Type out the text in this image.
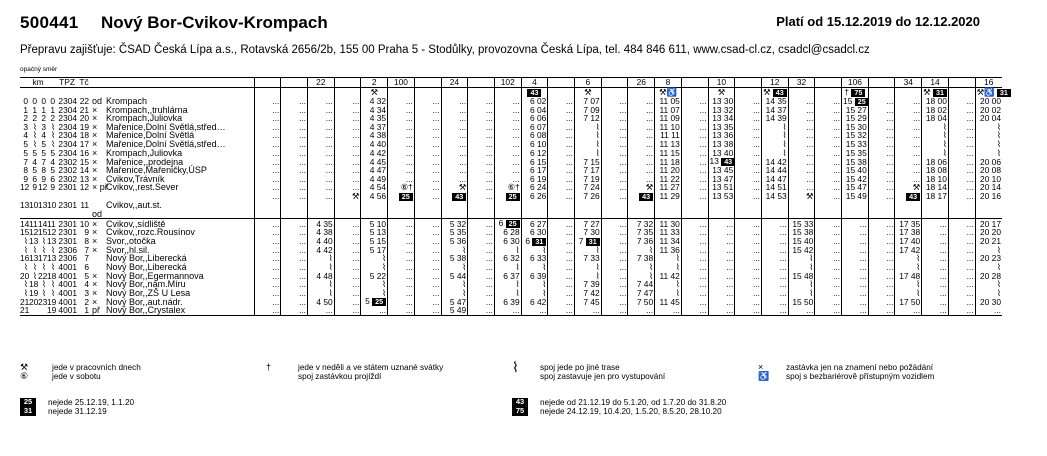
500441 Nový Bor-Cvikov-Krompach	Platí od 15.12.2019 do 12.12.2020
Přepravu zajišťuje: ČSAD Česká Lípa a.s., Rotavská 2656/2b, 155 00 Praha 5 - Stodůlky, provozovna Česká Lípa, tel. 484 846 611, www.csad-cl.cz, csadcl@csadcl.cz
opačný směr
km				TPZ	Tč					22		2	100		24		102	4		6		26	8		10		12	32		106		34	14		16
												⚒						43		⚒			⚒♿		⚒		⚒ 43			† 75			⚒ 31		⚒♿ 31
0	0	0	0	2304	22	od	Krompach	...	...	...	...	4 32	...	...	...	...	...	6 02	...	7 07	...	...	11 05	...	13 30	...	14 35	...	...	15 25	...	...	18 00	...	20 00
1	1	1	1	2304	21	×	Krompach,,truhlárna	...	...	...	...	4 34	...	...	...	...	...	6 04	...	7 09	...	...	11 07	...	13 32	...	14 37	...	...	15 27	...	...	18 02	...	20 02
2	2	2	2	2304	20	×	Krompach,Juliovka	...	...	...	...	4 35	...	...	...	...	...	6 06	...	7 12	...	...	11 09	...	13 34	...	14 39	...	...	15 29	...	...	18 04	...	20 04
3	⌇	3	⌇	2304	19	×	Mařenice,Dolní Světlá,střed…	...	...	...	...	4 37	...	...	...	...	...	6 07	...	⌇	...	...	11 10	...	13 35	...	⌇	...	...	15 30	...	...	⌇	...	⌇
4	⌇	4	⌇	2304	18	×	Mařenice,Dolní Světlá	...	...	...	...	4 38	...	...	...	...	...	6 08	...	⌇	...	...	11 11	...	13 36	...	⌇	...	...	15 32	...	...	⌇	...	⌇
5	⌇	5	⌇	2304	17	×	Mařenice,Dolní Světlá,střed…	...	...	...	...	4 40	...	...	...	...	...	6 10	...	⌇	...	...	11 13	...	13 38	...	⌇	...	...	15 33	...	...	⌇	...	⌇
5	5	5	5	2304	16	×	Krompach,Juliovka	...	...	...	...	4 42	...	...	...	...	...	6 12	...	⌇	...	...	11 15	...	13 40	...	⌇	...	...	15 35	...	...	⌇	...	⌇
7	4	7	4	2302	15	×	Mařenice,,prodejna	...	...	...	...	4 45	...	...	...	...	...	6 15	...	7 15	...	...	11 18	...	13 43	...	14 42	...	...	15 38	...	...	18 06	...	20 06
8	5	8	5	2302	14	×	Mařenice,Mařeničky,ÚSP	...	...	...	...	4 47	...	...	...	...	...	6 17	...	7 17	...	...	11 20	...	13 45	...	14 44	...	...	15 40	...	...	18 08	...	20 08
9	6	9	6	2302	13	×	Cvikov,Trávník	...	...	...	...	4 49	...	...	...	...	...	6 19	...	7 19	...	...	11 22	...	13 47	...	14 47	...	...	15 42	...	...	18 10	...	20 10
12	9	12	9	2301	12	× př	Cvikov,,rest.Sever	...	...	...	...	4 54	⑥†	...	⚒	...	⑥†	6 24	...	7 24	...	⚒	11 27	...	13 51	...	14 51	...	...	15 47	...	⚒	18 14	...	20 14
								...	...	...	⚒	4 56	25	...	43	...	25	6 26	...	7 26	...	43	11 29	...	13 53	...	14 53	⚒	...	15 49	...	43	18 17	...	20 16
13	10	13	10	2301	11		Cvikov,,aut.st.																												
						od																													
14	11	14	11	2301	10	×	Cvikov,,sídliště	...	...	4 35	...	5 10	...	...	5 32	...	6 25	6 27	...	7 27	...	7 32	11 30	...	...	...	...	15 33	...	...	...	17 35	...	...	20 17
15	12	15	12	2301	9	×	Cvikov,,rozc.Rousínov	...	...	4 38	...	5 13	...	...	5 35	...	6 28	6 30	...	7 30	...	7 35	11 33	...	...	...	...	15 38	...	...	...	17 38	...	...	20 20
⌇	13	⌇	13	2301	8	×	Svor,,otočka	...	...	4 40	...	5 15	...	...	5 36	...	6 30	6 31	...	7 31	...	7 36	11 34	...	...	...	...	15 40	...	...	...	17 40	...	...	20 21
⌇	⌇	⌇	⌇	2306	7	×	Svor,,hl.sil.	...	...	4 42	...	5 17	...	...	⌇	...	⌇	⌇	...	⌇	...	⌇	11 36	...	...	...	...	15 42	...	...	...	17 42	...	...	⌇
16	13	17	13	2306	7		Nový Bor,,Liberecká	...	...	⌇	...	⌇	...	...	5 38	...	6 32	6 33	...	7 33	...	7 38	⌇	...	...	...	...	⌇	...	...	...	⌇	...	...	20 23
⌇	⌇	⌇	⌇	4001	6		Nový Bor,,Liberecká	...	...	⌇	...	⌇	...	...	⌇	...	⌇	⌇	...	⌇	...	⌇	⌇	...	...	...	...	⌇	...	...	...	⌇	...	...	⌇
20	⌇	22	18	4001	5	×	Nový Bor,,Egermannova	...	...	4 48	...	5 22	...	...	5 44	...	6 37	6 39	...	⌇	...	⌇	11 42	...	...	...	...	15 48	...	...	...	17 48	...	...	20 28
⌇	18	⌇	⌇	4001	4	×	Nový Bor,,nám.Míru	...	...	⌇	...	⌇	...	...	⌇	...	⌇	⌇	...	7 39	...	7 44	⌇	...	...	...	...	⌇	...	...	...	⌇	...	...	⌇
⌇	19	⌇	⌇	4001	3	×	Nový Bor,,ZŠ U Lesa	...	...	⌇	...	⌇	...	...	⌇	...	⌇	⌇	...	7 42	...	7 47	⌇	...	...	...	...	⌇	...	...	...	⌇	...	...	⌇
21	20	23	19	4001	2	×	Nový Bor,,aut.nádr.	...	...	4 50	...	5 25	...	...	5 47	...	6 39	6 42	...	7 45	...	7 50	11 45	...	...	...	...	15 50	...	...	...	17 50	...	...	20 30
21			19	4001	1	př	Nový Bor,,Crystalex	...	...	...	...	...	...	...	5 49	...	...	...	...	...	...	...	...	...	...	...	...	...	...	...	...	...	...	...	...
⚒	jede v pracovních dnech
⑥	jede v sobotu
†	jede v neděli a ve státem uznané svátky
spoj zastávkou projíždí
⌇	spoj jede po jiné trase
spoj zastavuje jen pro vystupování
×	zastávka jen na znamení nebo požádání
♿ spoj s bezbariérově přístupným vozidlem
25	nejede 25.12.19, 1.1.20
31	nejede 31.12.19
43	nejede od 21.12.19 do 5.1.20, od 1.7.20 do 31.8.20
75	nejede 24.12.19, 10.4.20, 1.5.20, 8.5.20, 28.10.20
